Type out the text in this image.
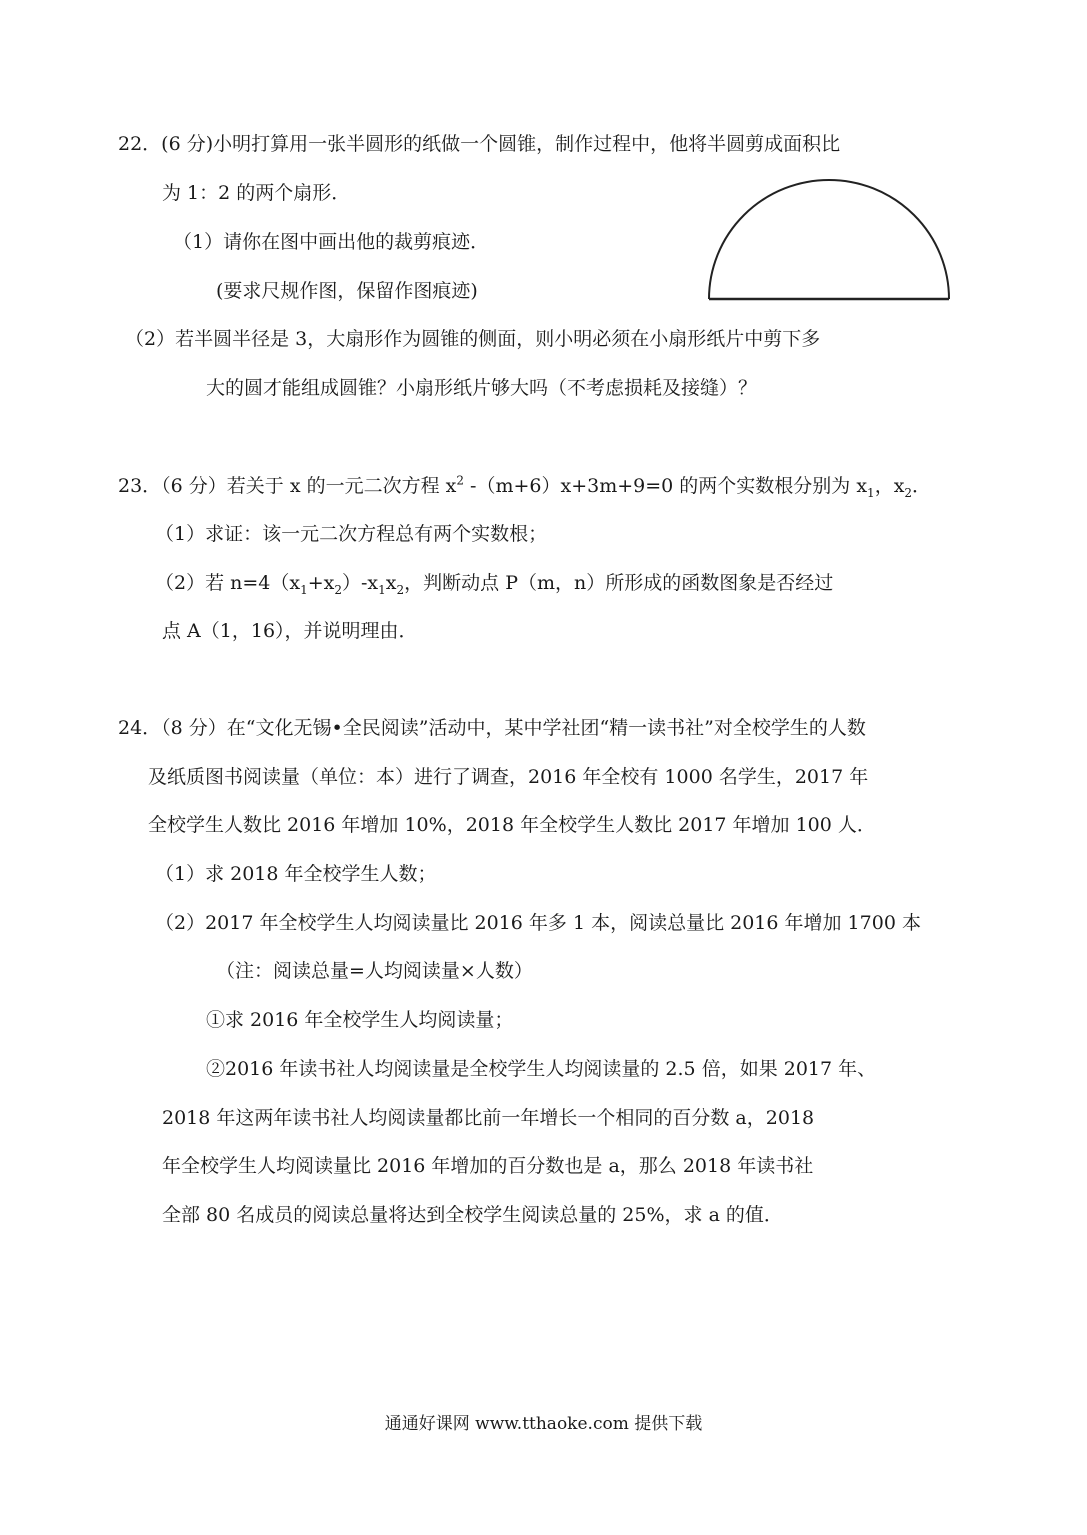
22．(6 分)小明打算用一张半圆形的纸做一个圆锥，制作过程中，他将半圆剪成面积比
为 1：2 的两个扇形．
（1）请你在图中画出他的裁剪痕迹．
(要求尺规作图，保留作图痕迹)
（2）若半圆半径是 3，大扇形作为圆锥的侧面，则小明必须在小扇形纸片中剪下多
大的圆才能组成圆锥？小扇形纸片够大吗（不考虑损耗及接缝）？
23．（6 分）若关于 x 的一元二次方程 $x^2$ -（m+6）x+3m+9=0 的两个实数根分别为 $x_1$，$x_2$．
（1）求证：该一元二次方程总有两个实数根；
（2）若 $n=4(x_1+x_2)-x_1x_2$，判断动点 P（m，n）所形成的函数图象是否经过
点 A（1，16），并说明理由．
24．（8 分）在“文化无锡•全民阅读”活动中，某中学社团“精一读书社”对全校学生的人数
及纸质图书阅读量（单位：本）进行了调查，2016 年全校有 1000 名学生，2017 年
全校学生人数比 2016 年增加 10%，2018 年全校学生人数比 2017 年增加 100 人．
（1）求 2018 年全校学生人数；
（2）2017 年全校学生人均阅读量比 2016 年多 1 本，阅读总量比 2016 年增加 1700 本
（注：阅读总量=人均阅读量×人数）
①求 2016 年全校学生人均阅读量；
②2016 年读书社人均阅读量是全校学生人均阅读量的 2.5 倍，如果 2017 年、
2018 年这两年读书社人均阅读量都比前一年增长一个相同的百分数 a，2018
年全校学生人均阅读量比 2016 年增加的百分数也是 a，那么 2018 年读书社
全部 80 名成员的阅读总量将达到全校学生阅读总量的 25%，求 a 的值．
通通好课网 www.tthaoke.com 提供下载
